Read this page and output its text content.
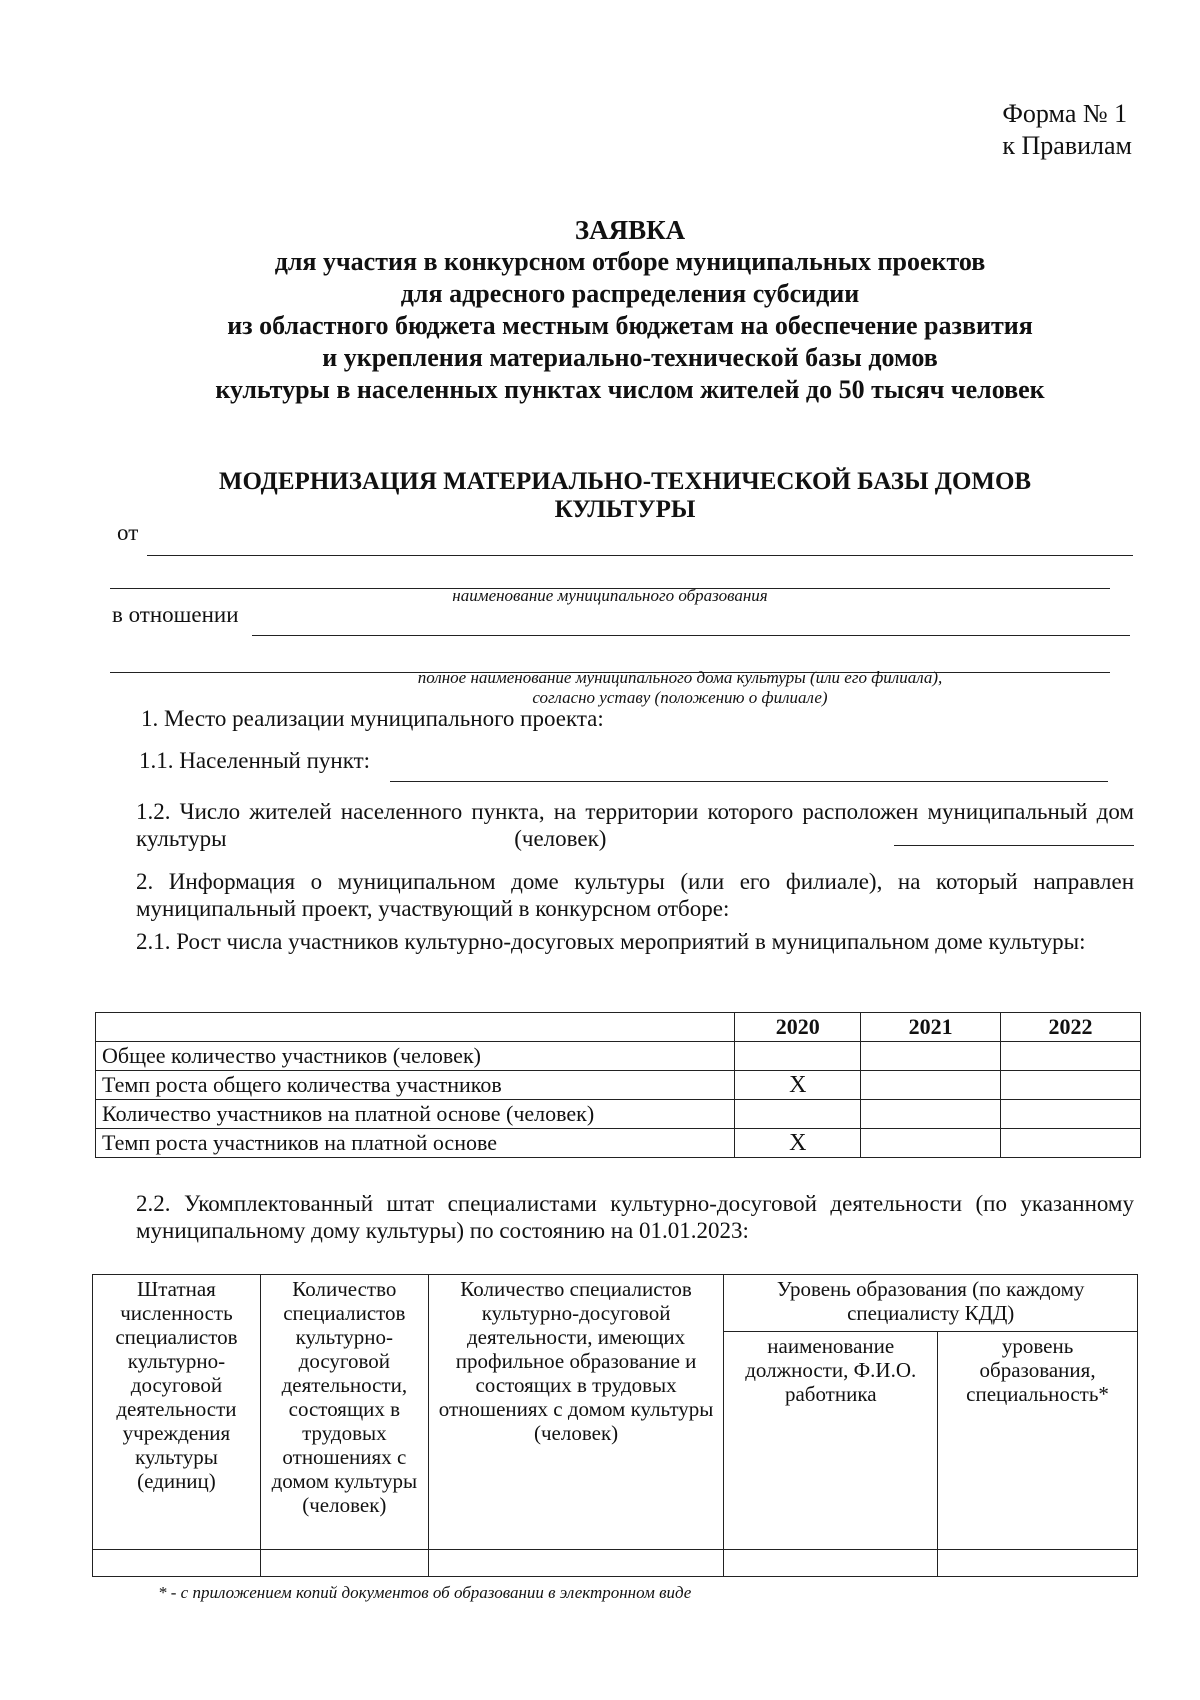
Форма № 1
к Правилам
ЗАЯВКА
для участия в конкурсном отборе муниципальных проектов
для адресного распределения субсидии
из областного бюджета местным бюджетам на обеспечение развития
и укрепления материально-технической базы домов
культуры в населенных пунктах числом жителей до 50 тысяч человек
МОДЕРНИЗАЦИЯ МАТЕРИАЛЬНО-ТЕХНИЧЕСКОЙ БАЗЫ ДОМОВ КУЛЬТУРЫ
от
наименование муниципального образования
в отношении
полное наименование муниципального дома культуры (или его филиала),
согласно уставу (положению о филиале)
1. Место реализации муниципального проекта:
1.1. Населенный пункт:
1.2. Число жителей населенного пункта, на территории которого расположен муниципальный дом культуры (человек)
2. Информация о муниципальном доме культуры (или его филиале), на который направлен муниципальный проект, участвующий в конкурсном отборе:
2.1. Рост числа участников культурно-досуговых мероприятий в муниципальном доме культуры:
	2020	2021	2022
Общее количество участников (человек)			
Темп роста общего количества участников	X		
Количество участников на платной основе (человек)			
Темп роста участников на платной основе	X		
2.2. Укомплектованный штат специалистами культурно-досуговой деятельности (по указанному муниципальному дому культуры) по состоянию на 01.01.2023:
Штатная численность специалистов культурно-досуговой деятельности учреждения культуры (единиц)	Количество специалистов культурно-досуговой деятельности, состоящих в трудовых отношениях с домом культуры (человек)	Количество специалистов культурно-досуговой деятельности, имеющих профильное образование и состоящих в трудовых отношениях с домом культуры (человек)	Уровень образования (по каждому специалисту КДД)	
			наименование должности, Ф.И.О. работника	уровень образования, специальность*

* - с приложением копий документов об образовании в электронном виде
